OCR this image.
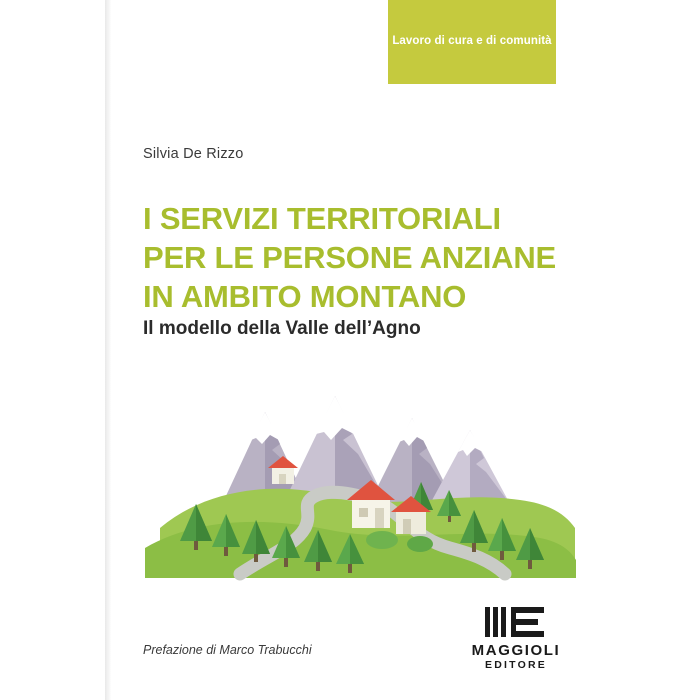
Lavoro di cura e di comunità
Silvia De Rizzo
I SERVIZI TERRITORIALI
PER LE PERSONE ANZIANE
IN AMBITO MONTANO
Il modello della Valle dell’Agno
Prefazione di Marco Trabucchi	MAGGIOLI
EDITORE
